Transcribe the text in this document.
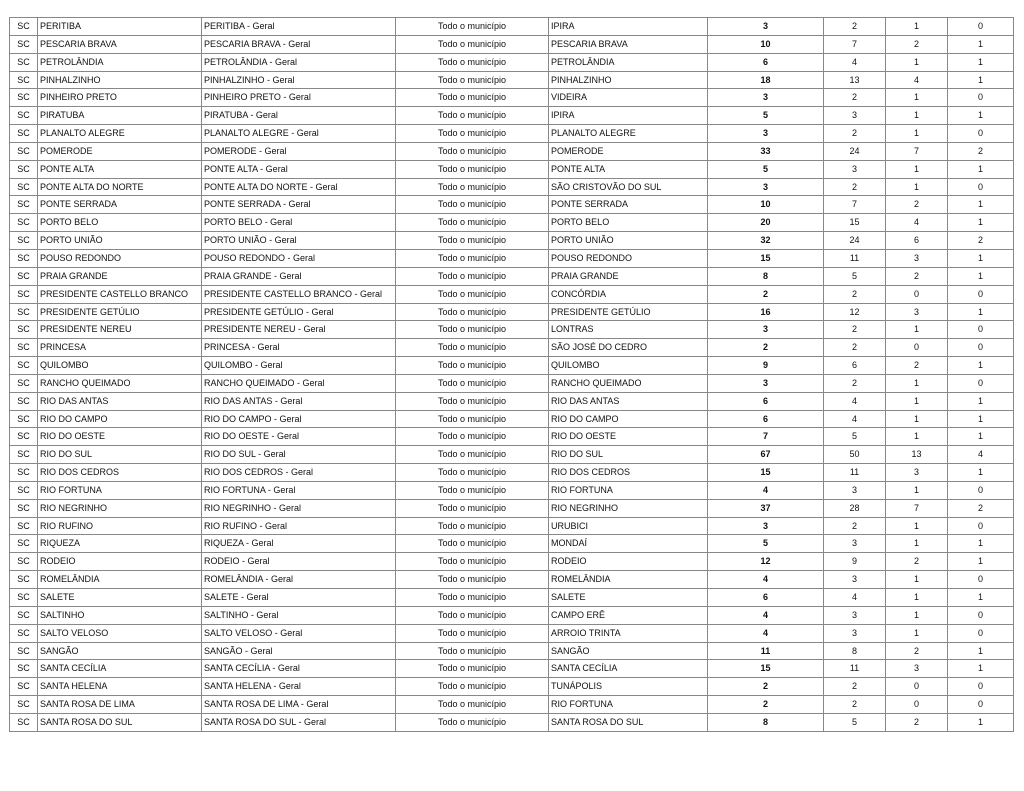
SC	PERITIBA	PERITIBA - Geral	Todo o município	IPIRA	3	2	1	0
SC	PESCARIA BRAVA	PESCARIA BRAVA - Geral	Todo o município	PESCARIA BRAVA	10	7	2	1
SC	PETROLÂNDIA	PETROLÂNDIA - Geral	Todo o município	PETROLÂNDIA	6	4	1	1
SC	PINHALZINHO	PINHALZINHO - Geral	Todo o município	PINHALZINHO	18	13	4	1
SC	PINHEIRO PRETO	PINHEIRO PRETO - Geral	Todo o município	VIDEIRA	3	2	1	0
SC	PIRATUBA	PIRATUBA - Geral	Todo o município	IPIRA	5	3	1	1
SC	PLANALTO ALEGRE	PLANALTO ALEGRE - Geral	Todo o município	PLANALTO ALEGRE	3	2	1	0
SC	POMERODE	POMERODE - Geral	Todo o município	POMERODE	33	24	7	2
SC	PONTE ALTA	PONTE ALTA - Geral	Todo o município	PONTE ALTA	5	3	1	1
SC	PONTE ALTA DO NORTE	PONTE ALTA DO NORTE - Geral	Todo o município	SÃO CRISTOVÃO DO SUL	3	2	1	0
SC	PONTE SERRADA	PONTE SERRADA - Geral	Todo o município	PONTE SERRADA	10	7	2	1
SC	PORTO BELO	PORTO BELO - Geral	Todo o município	PORTO BELO	20	15	4	1
SC	PORTO UNIÃO	PORTO UNIÃO - Geral	Todo o município	PORTO UNIÃO	32	24	6	2
SC	POUSO REDONDO	POUSO REDONDO - Geral	Todo o município	POUSO REDONDO	15	11	3	1
SC	PRAIA GRANDE	PRAIA GRANDE - Geral	Todo o município	PRAIA GRANDE	8	5	2	1
SC	PRESIDENTE CASTELLO BRANCO	PRESIDENTE CASTELLO BRANCO - Geral	Todo o município	CONCÓRDIA	2	2	0	0
SC	PRESIDENTE GETÚLIO	PRESIDENTE GETÚLIO - Geral	Todo o município	PRESIDENTE GETÚLIO	16	12	3	1
SC	PRESIDENTE NEREU	PRESIDENTE NEREU - Geral	Todo o município	LONTRAS	3	2	1	0
SC	PRINCESA	PRINCESA - Geral	Todo o município	SÃO JOSÉ DO CEDRO	2	2	0	0
SC	QUILOMBO	QUILOMBO - Geral	Todo o município	QUILOMBO	9	6	2	1
SC	RANCHO QUEIMADO	RANCHO QUEIMADO - Geral	Todo o município	RANCHO QUEIMADO	3	2	1	0
SC	RIO DAS ANTAS	RIO DAS ANTAS - Geral	Todo o município	RIO DAS ANTAS	6	4	1	1
SC	RIO DO CAMPO	RIO DO CAMPO - Geral	Todo o município	RIO DO CAMPO	6	4	1	1
SC	RIO DO OESTE	RIO DO OESTE - Geral	Todo o município	RIO DO OESTE	7	5	1	1
SC	RIO DO SUL	RIO DO SUL - Geral	Todo o município	RIO DO SUL	67	50	13	4
SC	RIO DOS CEDROS	RIO DOS CEDROS - Geral	Todo o município	RIO DOS CEDROS	15	11	3	1
SC	RIO FORTUNA	RIO FORTUNA - Geral	Todo o município	RIO FORTUNA	4	3	1	0
SC	RIO NEGRINHO	RIO NEGRINHO - Geral	Todo o município	RIO NEGRINHO	37	28	7	2
SC	RIO RUFINO	RIO RUFINO - Geral	Todo o município	URUBICI	3	2	1	0
SC	RIQUEZA	RIQUEZA - Geral	Todo o município	MONDAÍ	5	3	1	1
SC	RODEIO	RODEIO - Geral	Todo o município	RODEIO	12	9	2	1
SC	ROMELÂNDIA	ROMELÂNDIA - Geral	Todo o município	ROMELÂNDIA	4	3	1	0
SC	SALETE	SALETE - Geral	Todo o município	SALETE	6	4	1	1
SC	SALTINHO	SALTINHO - Geral	Todo o município	CAMPO ERÊ	4	3	1	0
SC	SALTO VELOSO	SALTO VELOSO - Geral	Todo o município	ARROIO TRINTA	4	3	1	0
SC	SANGÃO	SANGÃO - Geral	Todo o município	SANGÃO	11	8	2	1
SC	SANTA CECÍLIA	SANTA CECÍLIA - Geral	Todo o município	SANTA CECÍLIA	15	11	3	1
SC	SANTA HELENA	SANTA HELENA - Geral	Todo o município	TUNÁPOLIS	2	2	0	0
SC	SANTA ROSA DE LIMA	SANTA ROSA DE LIMA - Geral	Todo o município	RIO FORTUNA	2	2	0	0
SC	SANTA ROSA DO SUL	SANTA ROSA DO SUL - Geral	Todo o município	SANTA ROSA DO SUL	8	5	2	1
